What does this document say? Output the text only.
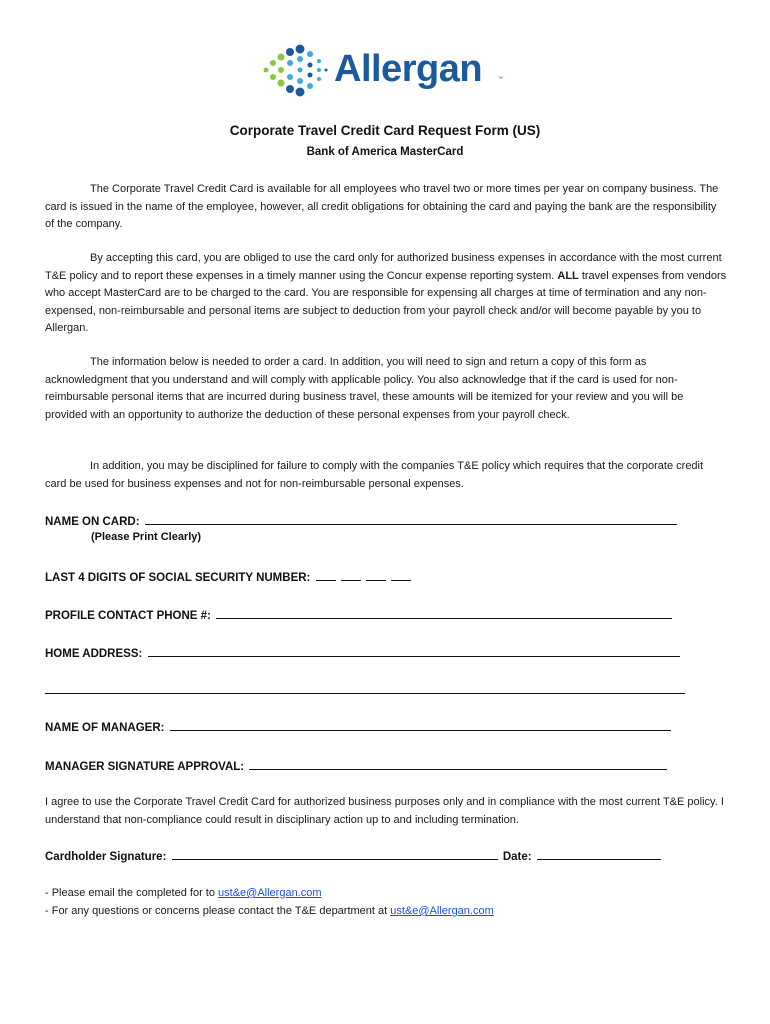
Allergan	™
Corporate Travel Credit Card Request Form (US)
Bank of America MasterCard
The Corporate Travel Credit Card is available for all employees who travel two or more times per year on company business. The card is issued in the name of the employee, however, all credit obligations for obtaining the card and paying the bank are the responsibility of the company.
By accepting this card, you are obliged to use the card only for authorized business expenses in accordance with the most current T&E policy and to report these expenses in a timely manner using the Concur expense reporting system. ALL travel expenses from vendors who accept MasterCard are to be charged to the card. You are responsible for expensing all charges at time of termination and any non-expensed, non-reimbursable and personal items are subject to deduction from your payroll check and/or will become payable by you to Allergan.
The information below is needed to order a card. In addition, you will need to sign and return a copy of this form as acknowledgment that you understand and will comply with applicable policy. You also acknowledge that if the card is used for non-reimbursable personal items that are incurred during business travel, these amounts will be itemized for your review and you will be provided with an opportunity to authorize the deduction of these personal expenses from your payroll check.
In addition, you may be disciplined for failure to comply with the companies T&E policy which requires that the corporate credit card be used for business expenses and not for non-reimbursable personal expenses.
NAME ON CARD:
(Please Print Clearly)
LAST 4 DIGITS OF SOCIAL SECURITY NUMBER:
PROFILE CONTACT PHONE #:
HOME ADDRESS:
NAME OF MANAGER:
MANAGER SIGNATURE APPROVAL:
I agree to use the Corporate Travel Credit Card for authorized business purposes only and in compliance with the most current T&E policy. I understand that non-compliance could result in disciplinary action up to and including termination.
Cardholder Signature:	Date:
- Please email the completed for to ust&e@Allergan.com
- For any questions or concerns please contact the T&E department at ust&e@Allergan.com
